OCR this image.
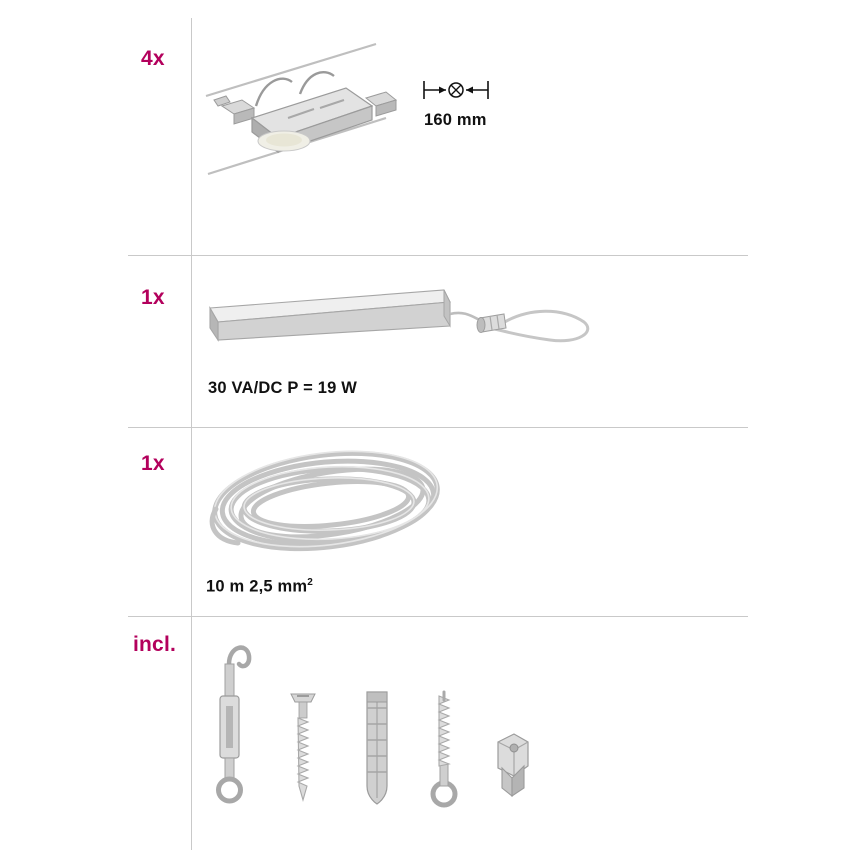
4x
160 mm
1x
30 VA/DC P = 19 W
1x
10 m 2,5 $mm^2$
incl.
